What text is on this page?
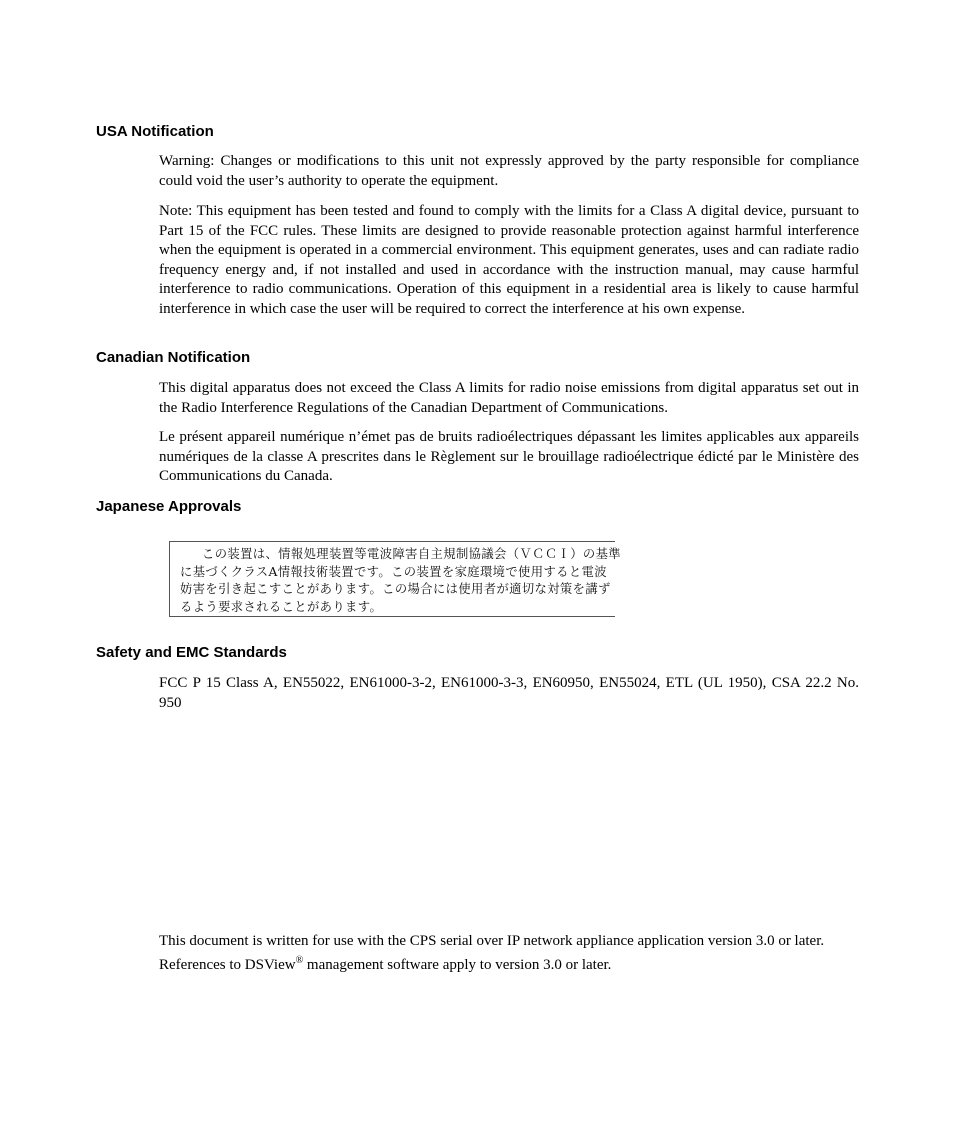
USA Notification

Warning: Changes or modifications to this unit not expressly approved by the party responsible for compliance could void the user’s authority to operate the equipment.

Note: This equipment has been tested and found to comply with the limits for a Class A digital device, pursuant to Part 15 of the FCC rules. These limits are designed to provide reasonable protection against harmful interference when the equipment is operated in a commercial environment. This equipment generates, uses and can radiate radio frequency energy and, if not installed and used in accordance with the instruction manual, may cause harmful interference to radio communications. Operation of this equipment in a residential area is likely to cause harmful interference in which case the user will be required to correct the interference at his own expense.

Canadian Notification

This digital apparatus does not exceed the Class A limits for radio noise emissions from digital apparatus set out in the Radio Interference Regulations of the Canadian Department of Communications.

Le présent appareil numérique n’émet pas de bruits radioélectriques dépassant les limites applicables aux appareils numériques de la classe A prescrites dans le Règlement sur le brouillage radioélectrique édicté par le Ministère des Communications du Canada.

Japanese Approvals
この装置は、情報処理装置等電波障害自主規制協議会（ＶＣＣＩ）の基準
に基づくクラスA情報技術装置です。この装置を家庭環境で使用すると電波
妨害を引き起こすことがあります。この場合には使用者が適切な対策を講ず
るよう要求されることがあります。
Safety and EMC Standards

FCC P 15 Class A, EN55022, EN61000-3-2, EN61000-3-3, EN60950, EN55024, ETL (UL 1950), CSA 22.2 No. 950

This document is written for use with the CPS serial over IP network appliance application version 3.0 or later.

References to DSView® management software apply to version 3.0 or later.
